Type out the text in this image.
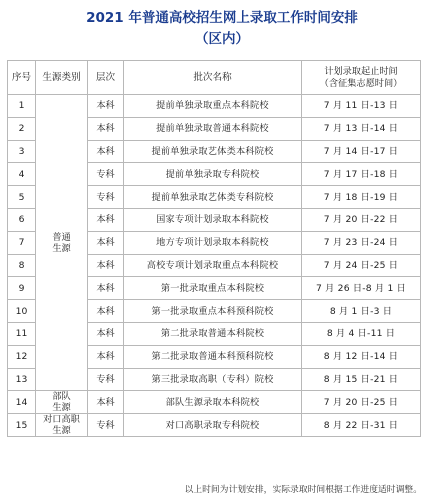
2021 年普通高校招生网上录取工作时间安排
（区内）
序号	生源类别	层次	批次名称	计划录取起止时间
（含征集志愿时间）

1	普通生源	本科	提前单独录取重点本科院校	7 月 11 日-13 日
2		本科	提前单独录取普通本科院校	7 月 13 日-14 日
3		本科	提前单独录取艺体类本科院校	7 月 14 日-17 日
4		专科	提前单独录取专科院校	7 月 17 日-18 日
5		专科	提前单独录取艺体类专科院校	7 月 18 日-19 日
6		本科	国家专项计划录取本科院校	7 月 20 日-22 日
7		本科	地方专项计划录取本科院校	7 月 23 日-24 日
8		本科	高校专项计划录取重点本科院校	7 月 24 日-25 日
9		本科	第一批录取重点本科院校	7 月 26 日-8 月 1 日
10		本科	第一批录取重点本科预科院校	8 月 1 日-3 日
11		本科	第二批录取普通本科院校	8 月 4 日-11 日
12		本科	第二批录取普通本科预科院校	8 月 12 日-14 日
13		专科	第三批录取高职（专科）院校	8 月 15 日-21 日
14	部队生源	本科	部队生源录取本科院校	7 月 20 日-25 日
15	对口高职生源	专科	对口高职录取专科院校	8 月 22 日-31 日
以上时间为计划安排，实际录取时间根据工作进度适时调整。
